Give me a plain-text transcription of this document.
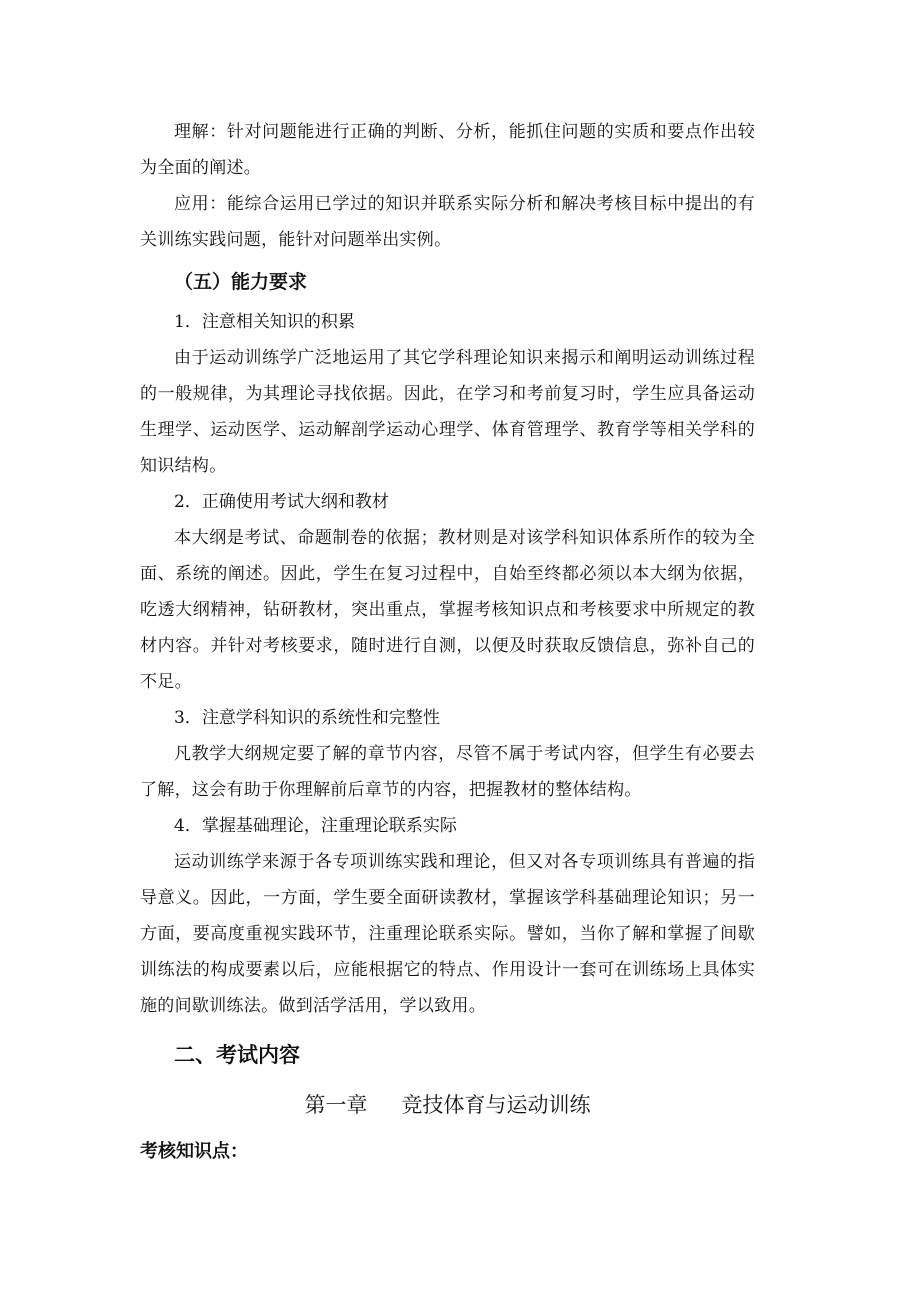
理解：针对问题能进行正确的判断、分析，能抓住问题的实质和要点作出较为全面的阐述。

应用：能综合运用已学过的知识并联系实际分析和解决考核目标中提出的有关训练实践问题，能针对问题举出实例。

（五）能力要求

1．注意相关知识的积累

由于运动训练学广泛地运用了其它学科理论知识来揭示和阐明运动训练过程的一般规律，为其理论寻找依据。因此，在学习和考前复习时，学生应具备运动生理学、运动医学、运动解剖学运动心理学、体育管理学、教育学等相关学科的知识结构。

2．正确使用考试大纲和教材

本大纲是考试、命题制卷的依据；教材则是对该学科知识体系所作的较为全面、系统的阐述。因此，学生在复习过程中，自始至终都必须以本大纲为依据，吃透大纲精神，钻研教材，突出重点，掌握考核知识点和考核要求中所规定的教材内容。并针对考核要求，随时进行自测，以便及时获取反馈信息，弥补自己的不足。

3．注意学科知识的系统性和完整性

凡教学大纲规定要了解的章节内容，尽管不属于考试内容，但学生有必要去了解，这会有助于你理解前后章节的内容，把握教材的整体结构。

4．掌握基础理论，注重理论联系实际

运动训练学来源于各专项训练实践和理论，但又对各专项训练具有普遍的指导意义。因此，一方面，学生要全面研读教材，掌握该学科基础理论知识；另一方面，要高度重视实践环节，注重理论联系实际。譬如，当你了解和掌握了间歇训练法的构成要素以后，应能根据它的特点、作用设计一套可在训练场上具体实施的间歇训练法。做到活学活用，学以致用。

二、考试内容
第一章 竞技体育与运动训练
考核知识点：
